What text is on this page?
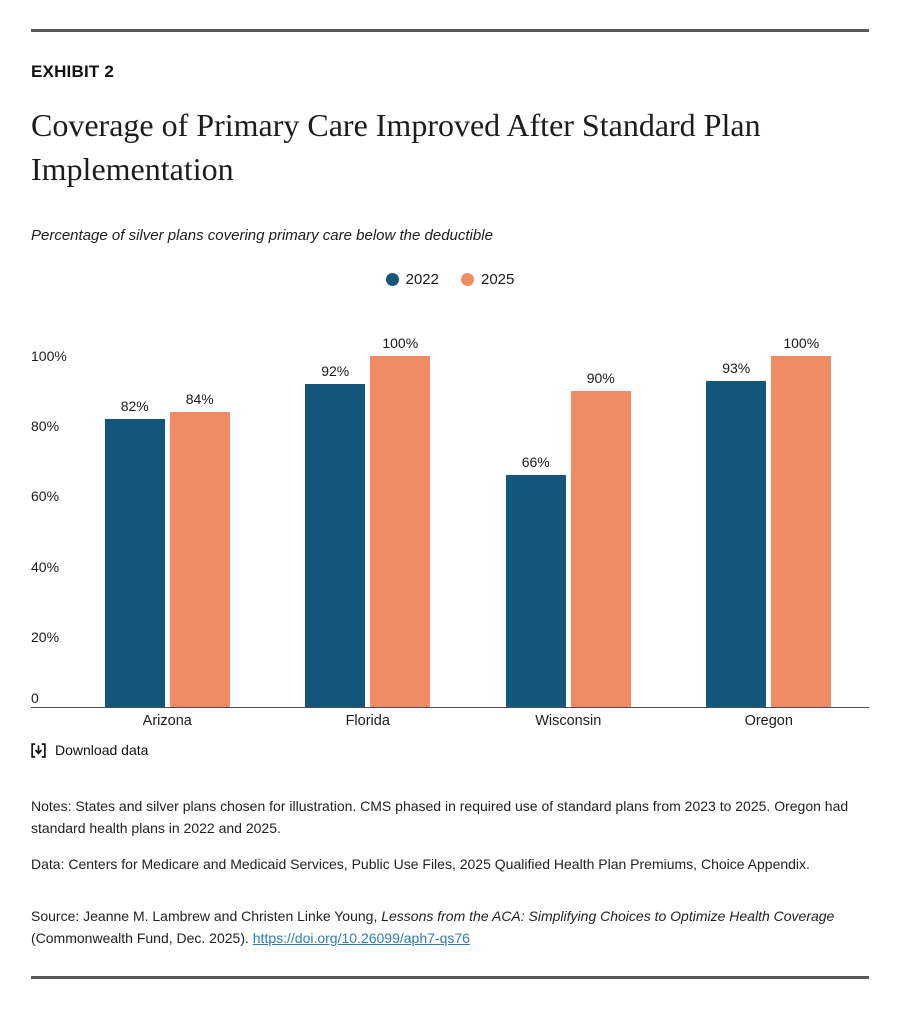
EXHIBIT 2
Coverage of Primary Care Improved After Standard Plan Implementation

Percentage of silver plans covering primary care below the deductible

2022	2025
100%
80%
60%
40%
20%
0
82%	84%
92%
100%
66%
90%
93%
100%
Arizona	Florida	Wisconsin	Oregon
Download data

Notes: States and silver plans chosen for illustration. CMS phased in required use of standard plans from 2023 to 2025. Oregon had standard health plans in 2022 and 2025.

Data: Centers for Medicare and Medicaid Services, Public Use Files, 2025 Qualified Health Plan Premiums, Choice Appendix.

Source: Jeanne M. Lambrew and Christen Linke Young, Lessons from the ACA: Simplifying Choices to Optimize Health Coverage (Commonwealth Fund, Dec. 2025). https://doi.org/10.26099/aph7-qs76
